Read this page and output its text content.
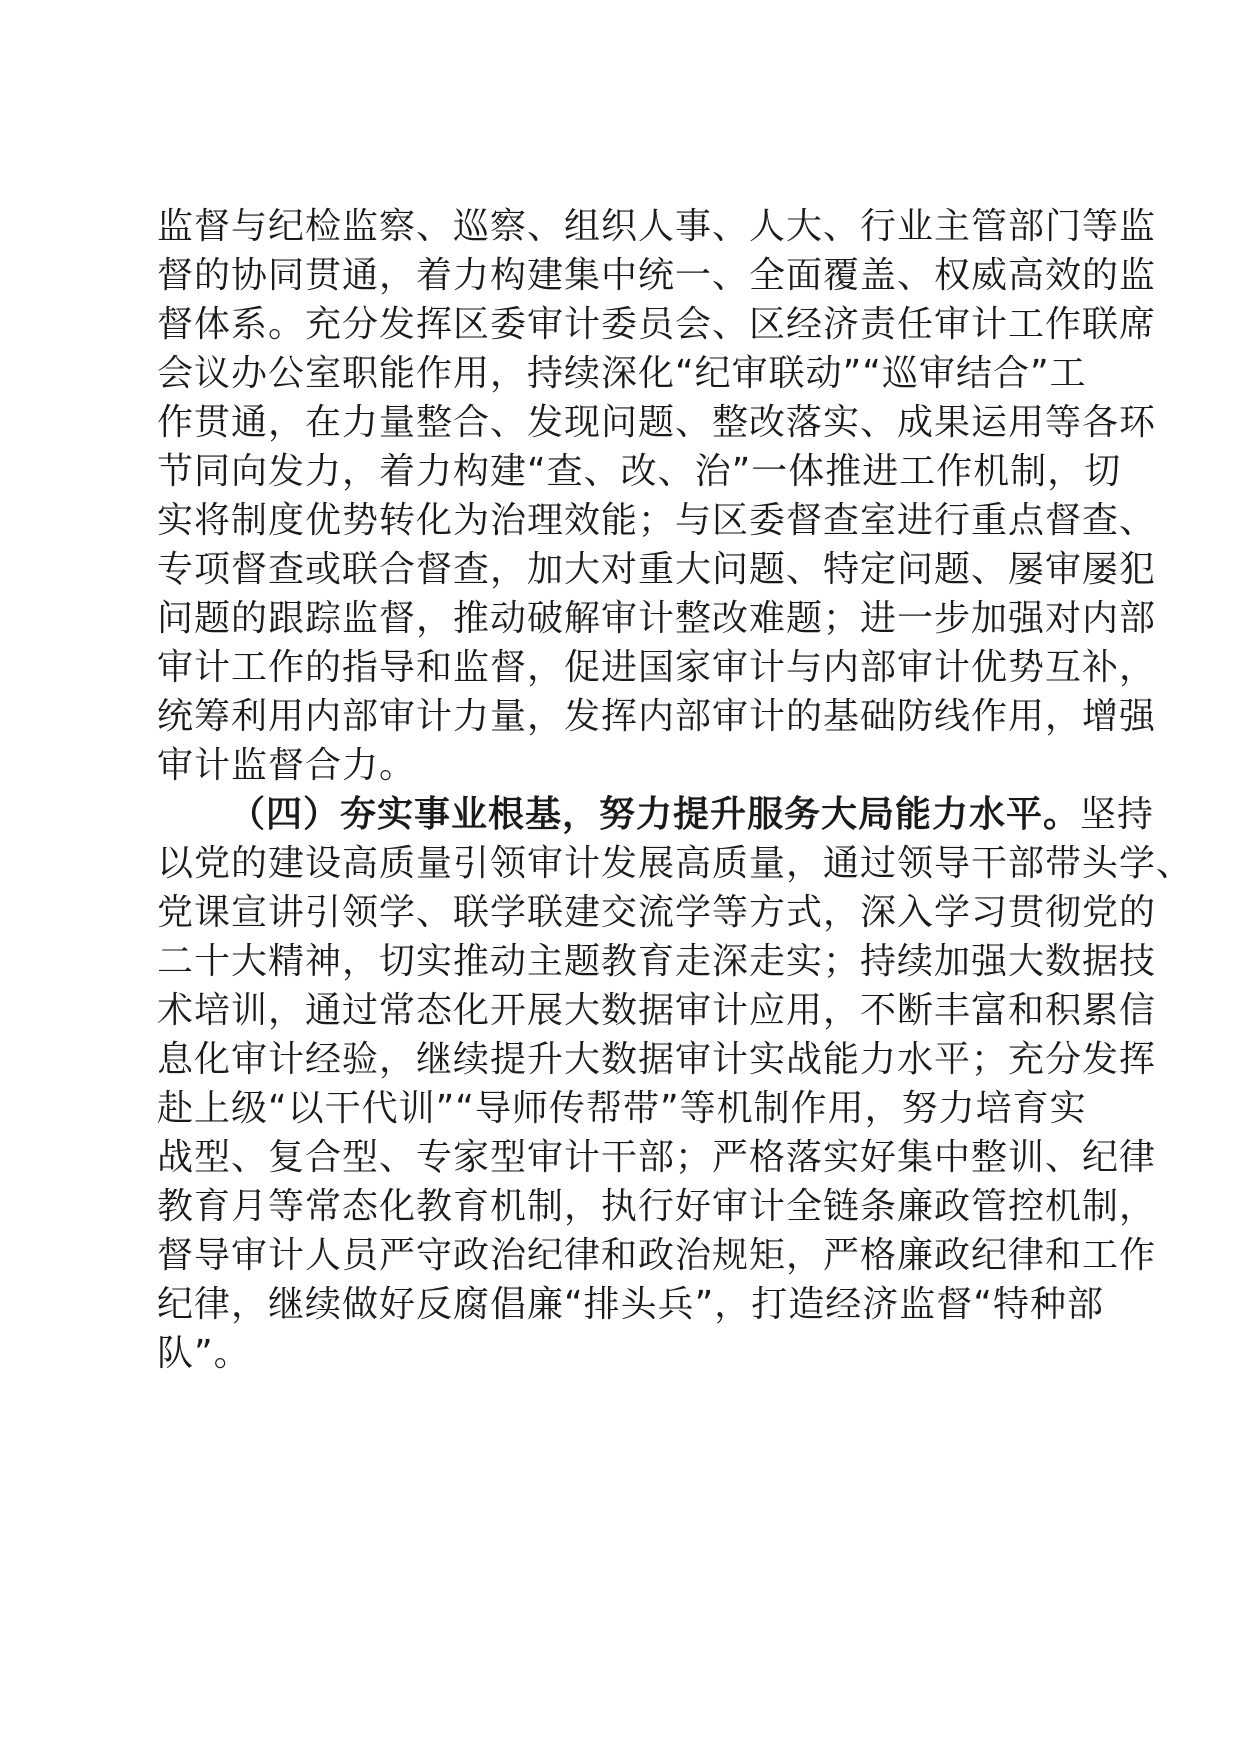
监督与纪检监察、巡察、组织人事、人大、行业主管部门等监
督的协同贯通，着力构建集中统一、全面覆盖、权威高效的监
督体系。充分发挥区委审计委员会、区经济责任审计工作联席
会议办公室职能作用，持续深化“纪审联动”“巡审结合”工
作贯通，在力量整合、发现问题、整改落实、成果运用等各环
节同向发力，着力构建“查、改、治”一体推进工作机制，切
实将制度优势转化为治理效能；与区委督查室进行重点督查、
专项督查或联合督查，加大对重大问题、特定问题、屡审屡犯
问题的跟踪监督，推动破解审计整改难题；进一步加强对内部
审计工作的指导和监督，促进国家审计与内部审计优势互补，
统筹利用内部审计力量，发挥内部审计的基础防线作用，增强
审计监督合力。
（四）夯实事业根基，努力提升服务大局能力水平。坚持
以党的建设高质量引领审计发展高质量，通过领导干部带头学、
党课宣讲引领学、联学联建交流学等方式，深入学习贯彻党的
二十大精神，切实推动主题教育走深走实；持续加强大数据技
术培训，通过常态化开展大数据审计应用，不断丰富和积累信
息化审计经验，继续提升大数据审计实战能力水平；充分发挥
赴上级“以干代训”“导师传帮带”等机制作用，努力培育实
战型、复合型、专家型审计干部；严格落实好集中整训、纪律
教育月等常态化教育机制，执行好审计全链条廉政管控机制，
督导审计人员严守政治纪律和政治规矩，严格廉政纪律和工作
纪律，继续做好反腐倡廉“排头兵”，打造经济监督“特种部
队”。
